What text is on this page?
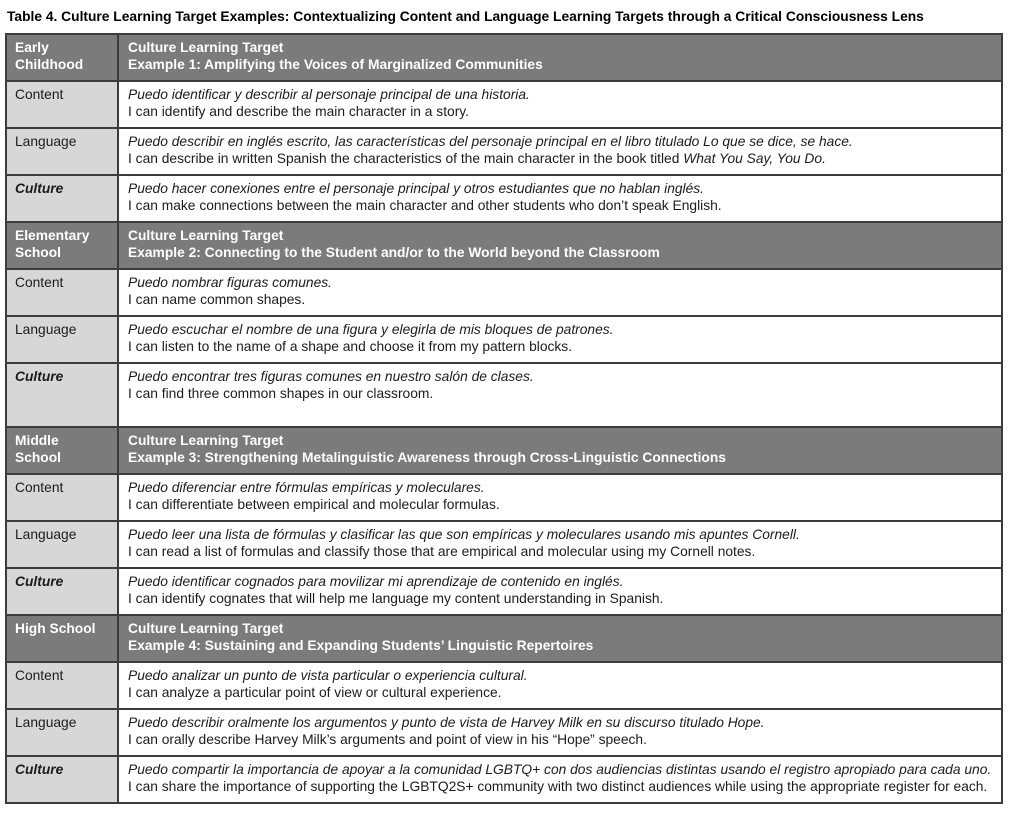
Table 4. Culture Learning Target Examples: Contextualizing Content and Language Learning Targets through a Critical Consciousness Lens
Early Childhood	Culture Learning Target
Example 1: Amplifying the Voices of Marginalized Communities

Content	Puedo identificar y describir al personaje principal de una historia.
I can identify and describe the main character in a story.

Language	Puedo describir en inglés escrito, las características del personaje principal en el libro titulado Lo que se dice, se hace.
I can describe in written Spanish the characteristics of the main character in the book titled What You Say, You Do.

Culture	Puedo hacer conexiones entre el personaje principal y otros estudiantes que no hablan inglés.
I can make connections between the main character and other students who don’t speak English.

Elementary School	Culture Learning Target
Example 2: Connecting to the Student and/or to the World beyond the Classroom

Content	Puedo nombrar figuras comunes.
I can name common shapes.

Language	Puedo escuchar el nombre de una figura y elegirla de mis bloques de patrones.
I can listen to the name of a shape and choose it from my pattern blocks.

Culture	Puedo encontrar tres figuras comunes en nuestro salón de clases.
I can find three common shapes in our classroom.

Middle School	Culture Learning Target
Example 3: Strengthening Metalinguistic Awareness through Cross-Linguistic Connections

Content	Puedo diferenciar entre fórmulas empíricas y moleculares.
I can differentiate between empirical and molecular formulas.

Language	Puedo leer una lista de fórmulas y clasificar las que son empíricas y moleculares usando mis apuntes Cornell.
I can read a list of formulas and classify those that are empirical and molecular using my Cornell notes.

Culture	Puedo identificar cognados para movilizar mi aprendizaje de contenido en inglés.
I can identify cognates that will help me language my content understanding in Spanish.

High School	Culture Learning Target
Example 4: Sustaining and Expanding Students’ Linguistic Repertoires

Content	Puedo analizar un punto de vista particular o experiencia cultural.
I can analyze a particular point of view or cultural experience.

Language	Puedo describir oralmente los argumentos y punto de vista de Harvey Milk en su discurso titulado Hope.
I can orally describe Harvey Milk’s arguments and point of view in his “Hope” speech.

Culture	Puedo compartir la importancia de apoyar a la comunidad LGBTQ+ con dos audiencias distintas usando el registro apropiado para cada uno.
I can share the importance of supporting the LGBTQ2S+ community with two distinct audiences while using the appropriate register for each.
